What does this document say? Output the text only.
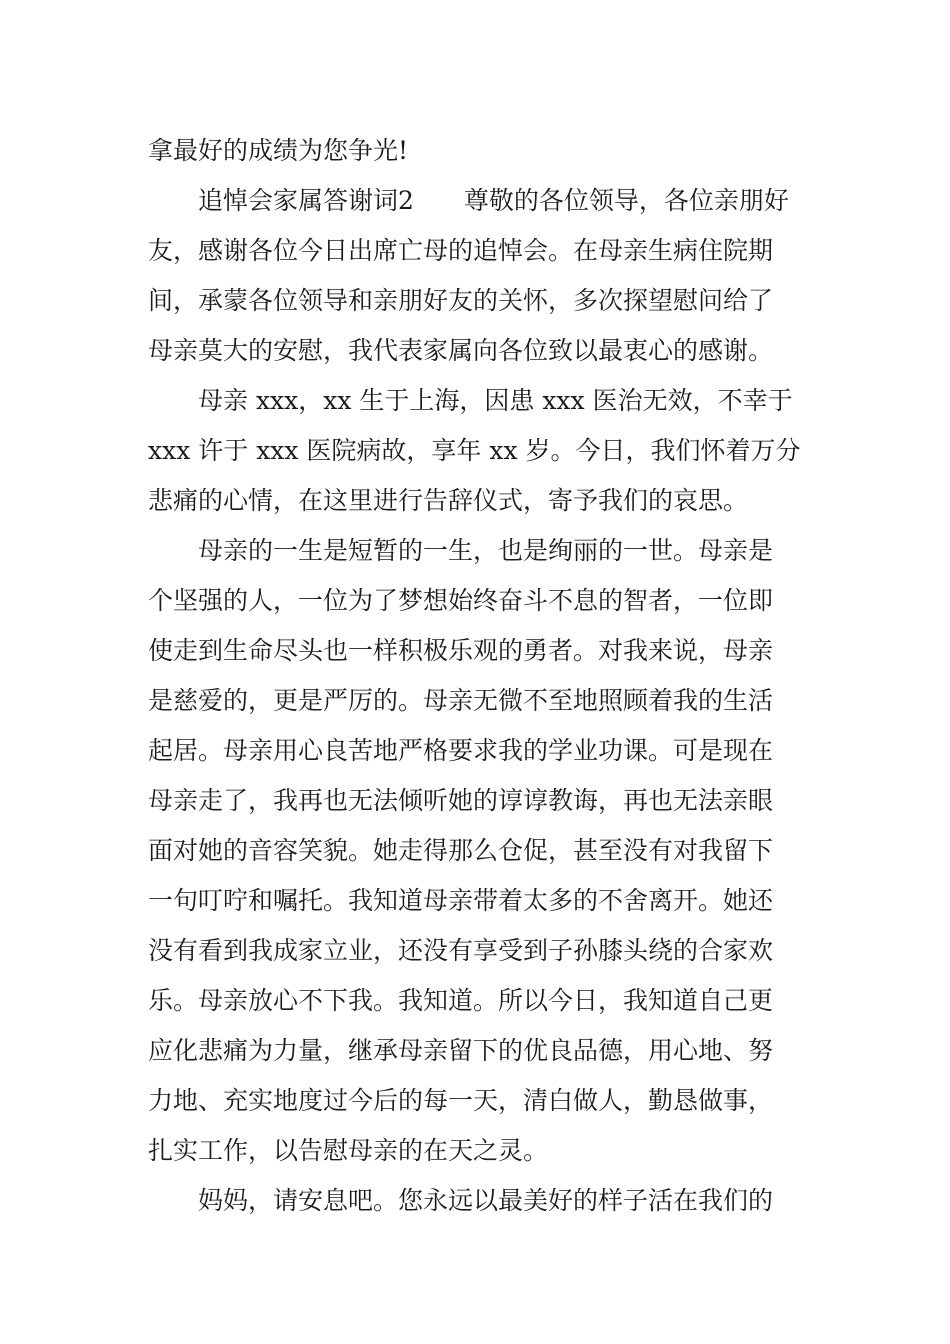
拿最好的成绩为您争光!

追悼会家属答谢词2　　尊敬的各位领导，各位亲朋好
友，感谢各位今日出席亡母的追悼会。在母亲生病住院期
间，承蒙各位领导和亲朋好友的关怀，多次探望慰问给了
母亲莫大的安慰，我代表家属向各位致以最衷心的感谢。

母亲 xxx，xx 生于上海，因患 xxx 医治无效，不幸于
xxx 许于 xxx 医院病故，享年 xx 岁。今日，我们怀着万分
悲痛的心情，在这里进行告辞仪式，寄予我们的哀思。

母亲的一生是短暂的一生，也是绚丽的一世。母亲是
个坚强的人，一位为了梦想始终奋斗不息的智者，一位即
使走到生命尽头也一样积极乐观的勇者。对我来说，母亲
是慈爱的，更是严厉的。母亲无微不至地照顾着我的生活
起居。母亲用心良苦地严格要求我的学业功课。可是现在
母亲走了，我再也无法倾听她的谆谆教诲，再也无法亲眼
面对她的音容笑貌。她走得那么仓促，甚至没有对我留下
一句叮咛和嘱托。我知道母亲带着太多的不舍离开。她还
没有看到我成家立业，还没有享受到子孙膝头绕的合家欢
乐。母亲放心不下我。我知道。所以今日，我知道自己更
应化悲痛为力量，继承母亲留下的优良品德，用心地、努
力地、充实地度过今后的每一天，清白做人，勤恳做事，
扎实工作，以告慰母亲的在天之灵。

妈妈，请安息吧。您永远以最美好的样子活在我们的
